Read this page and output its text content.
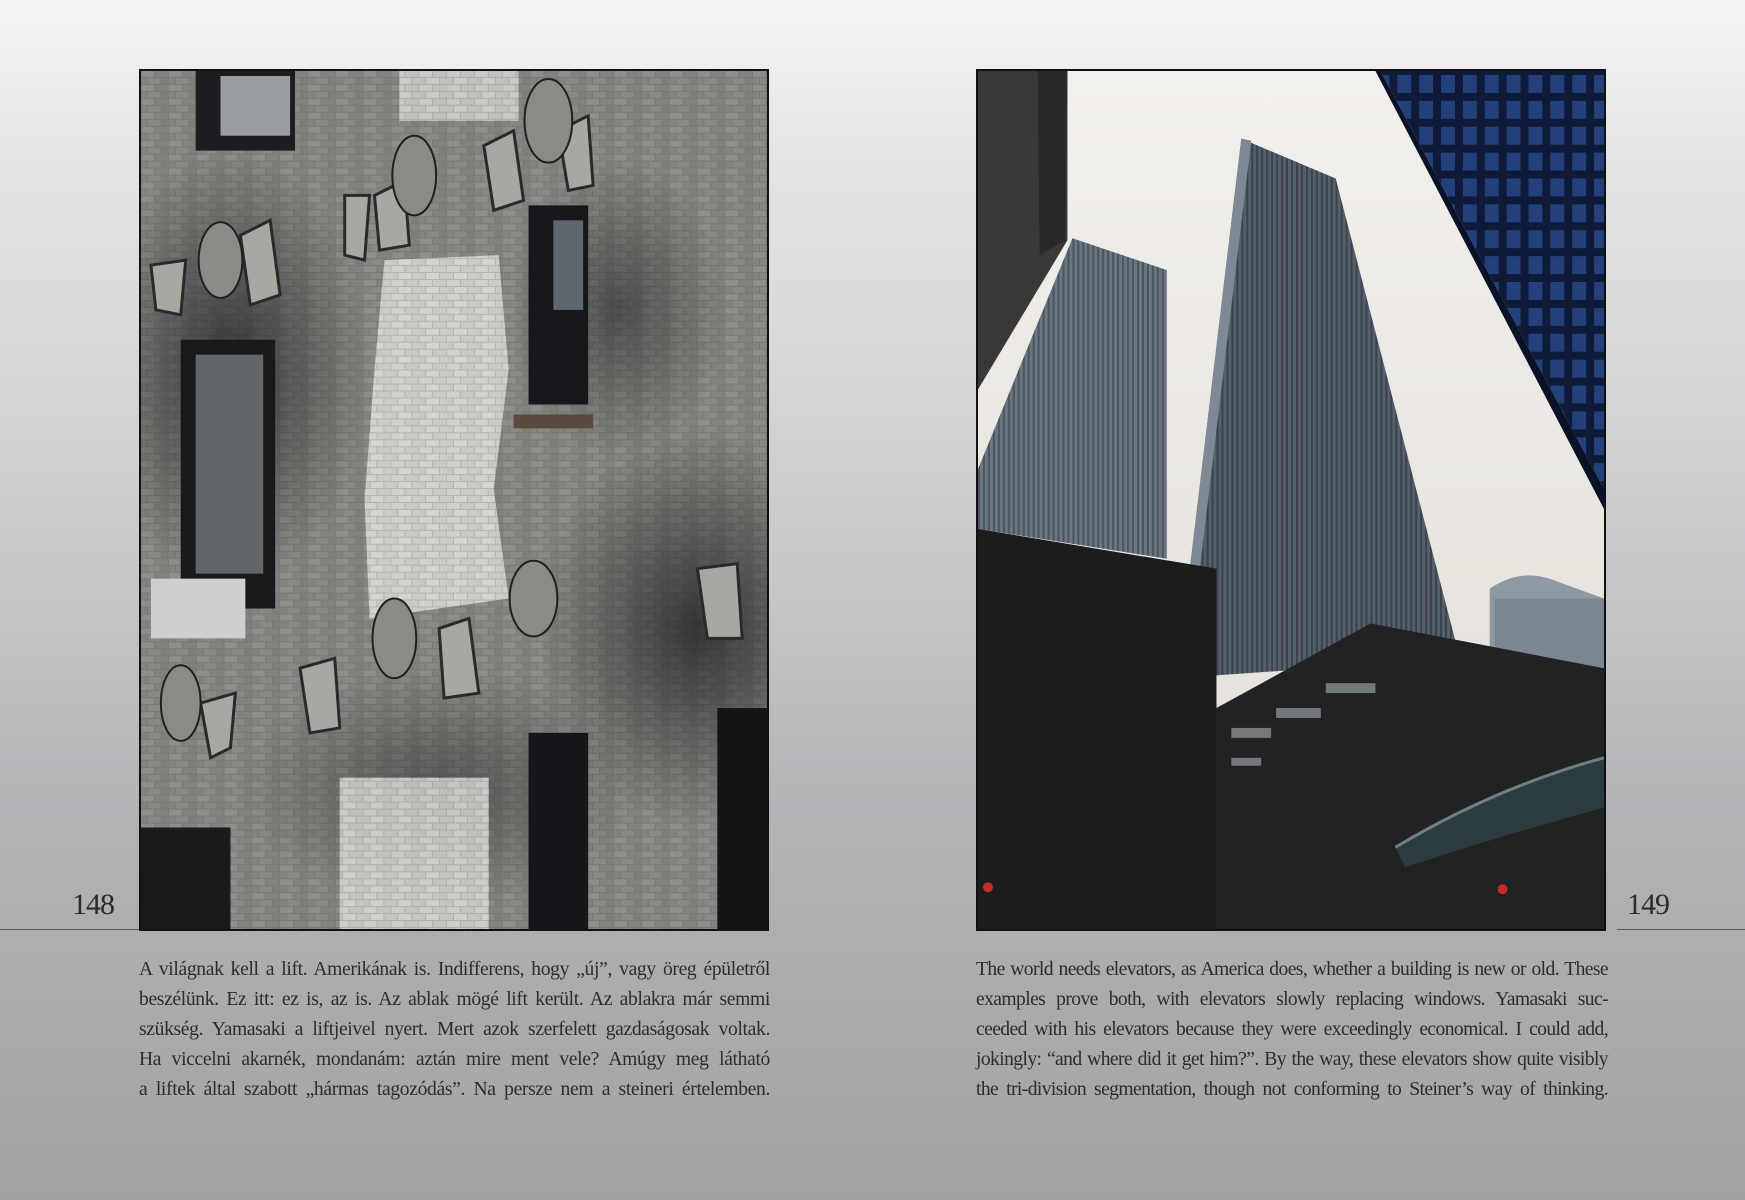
148
A világnak kell a lift. Amerikának is. Indifferens, hogy „új”, vagy öreg épületről
beszélünk. Ez itt: ez is, az is. Az ablak mögé lift került. Az ablakra már semmi
szükség. Yamasaki a liftjeivel nyert. Mert azok szerfelett gazdaságosak voltak.
Ha viccelni akarnék, mondanám: aztán mire ment vele? Amúgy meg látható
a liftek által szabott „hármas tagozódás”. Na persze nem a steineri értelemben.
149
The world needs elevators, as America does, whether a building is new or old. These
examples prove both, with elevators slowly replacing windows. Yamasaki suc-
ceeded with his elevators because they were exceedingly economical. I could add,
jokingly: “and where did it get him?”. By the way, these elevators show quite visibly
the tri-division segmentation, though not conforming to Steiner’s way of thinking.
